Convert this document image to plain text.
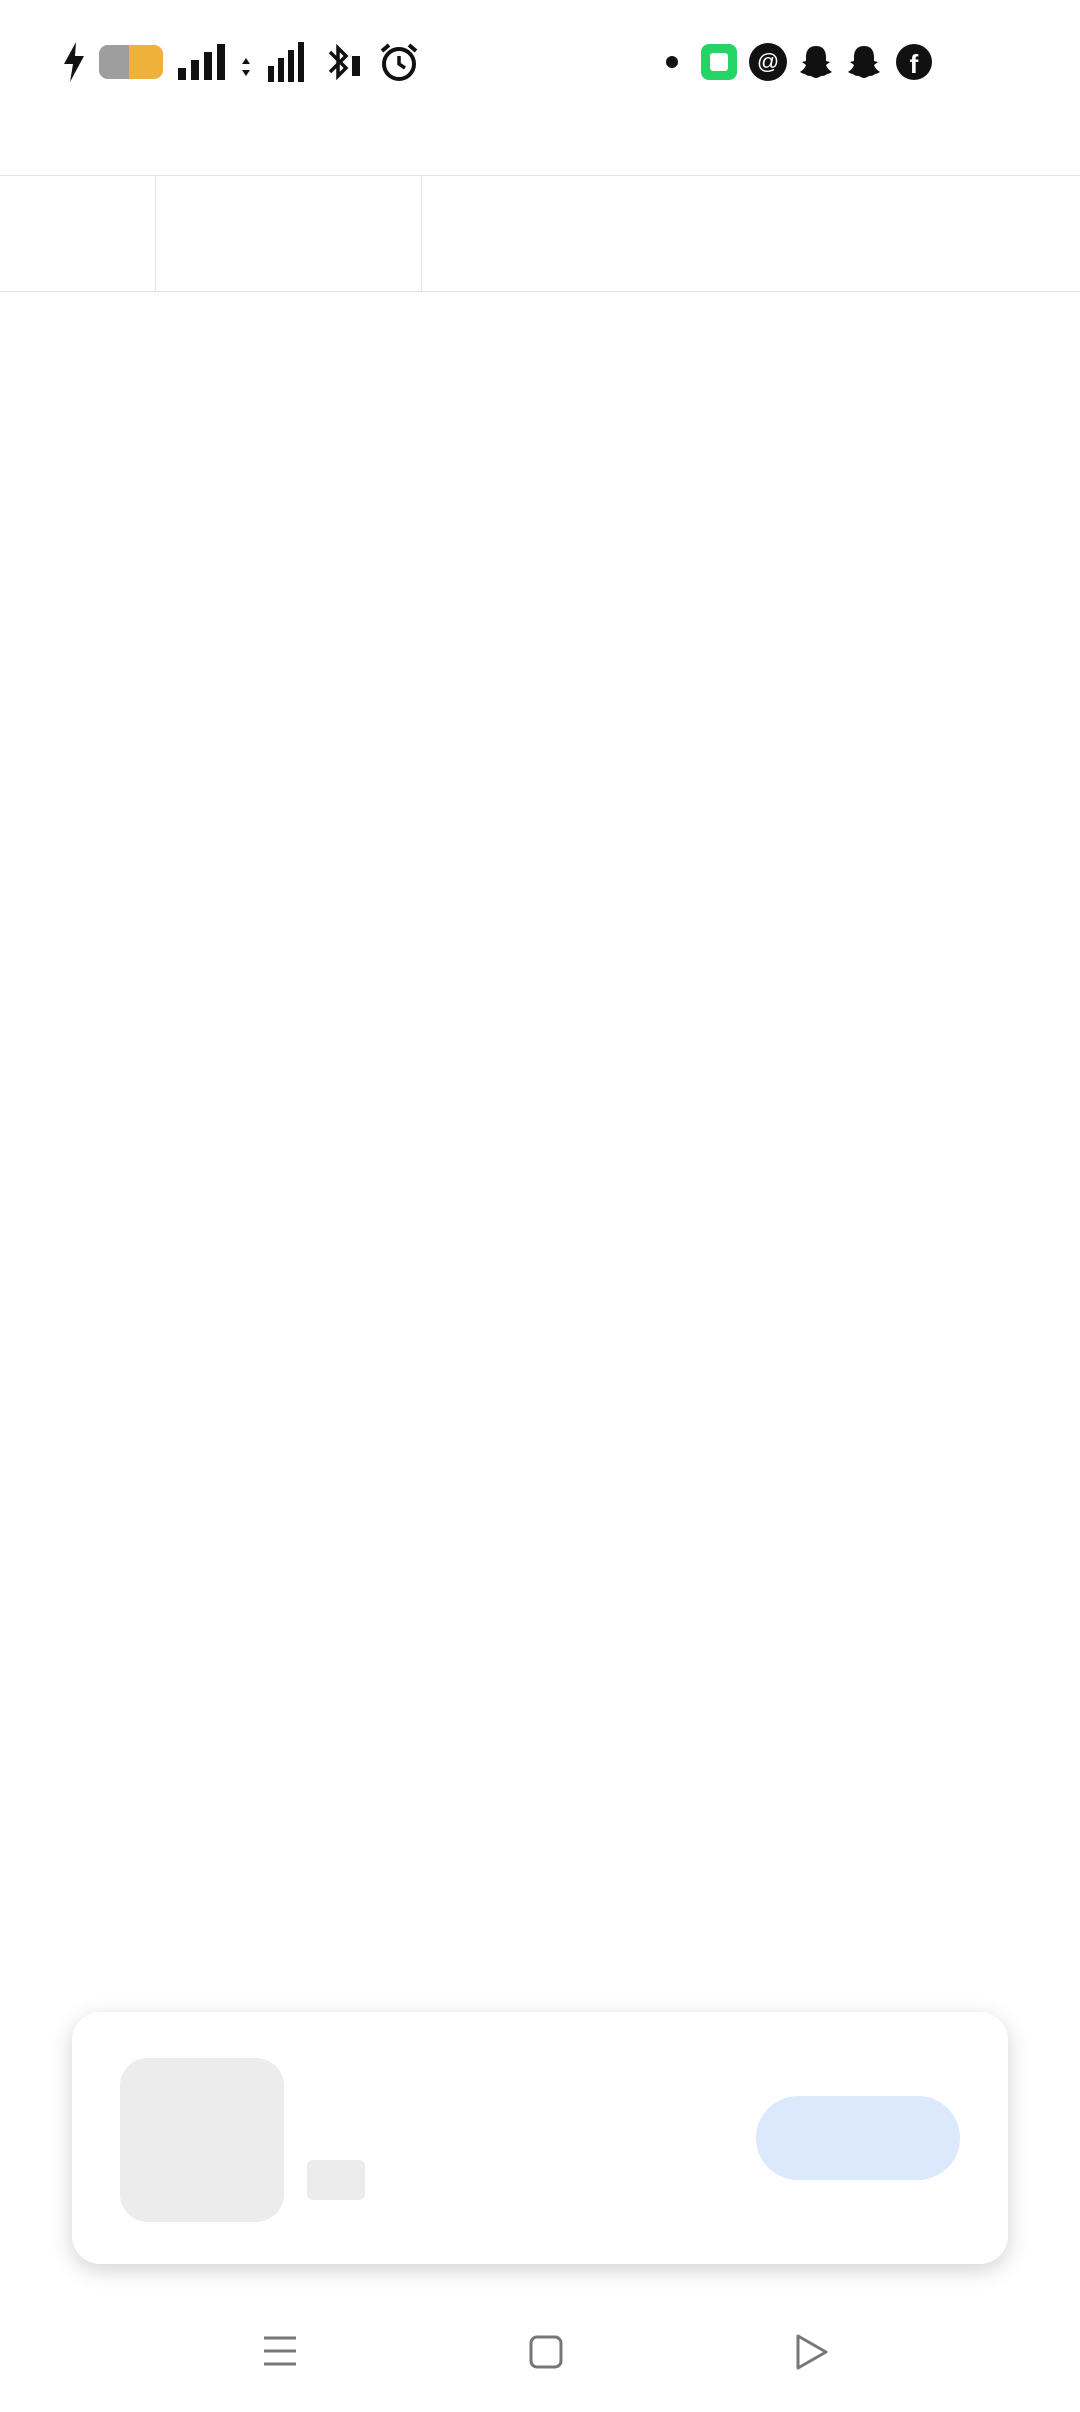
@	f
